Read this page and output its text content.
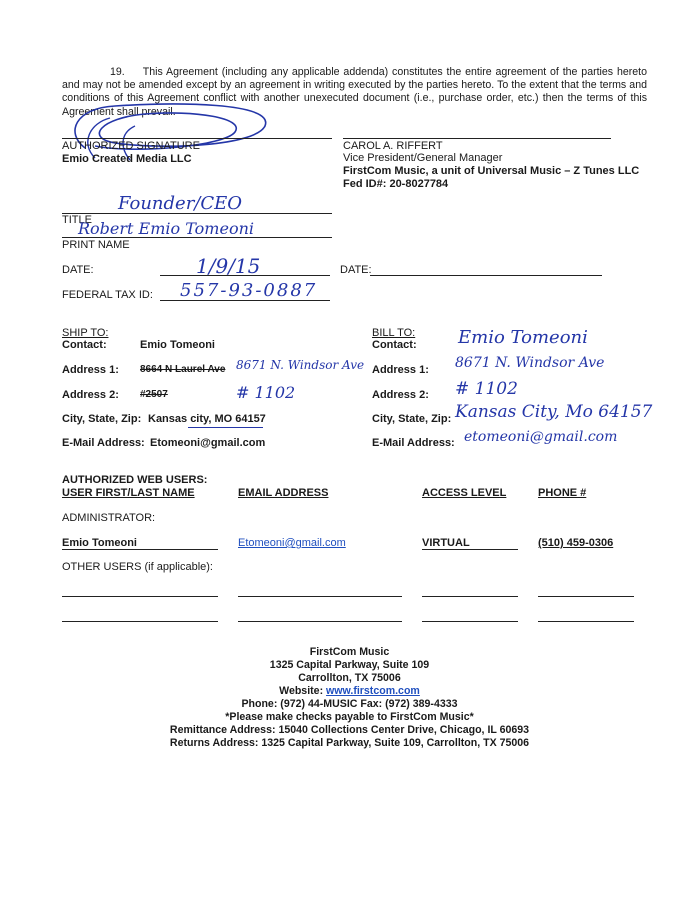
19. This Agreement (including any applicable addenda) constitutes the entire agreement of the parties hereto and may not be amended except by an agreement in writing executed by the parties hereto. To the extent that the terms and conditions of this Agreement conflict with another unexecuted document (i.e., purchase order, etc.) then the terms of this Agreement shall prevail.
AUTHORIZED SIGNATURE
Emio Created Media LLC
CAROL A. RIFFERT
Vice President/General Manager
FirstCom Music, a unit of Universal Music – Z Tunes LLC
Fed ID#: 20-8027784
Founder/CEO
TITLE
Robert Emio Tomeoni
PRINT NAME
DATE:	1/9/15	DATE:
FEDERAL TAX ID: 557-93-0887
SHIP TO:
Contact:	Emio Tomeoni
Address 1: 8664 N Laurel Ave 8671 N. Windsor Ave
Address 2: #2507	# 1102
City, State, Zip: Kansas city, MO 64157
E-Mail Address: Etomeoni@gmail.com
BILL TO:
Contact: Emio Tomeoni
Address 1: 8671 N. Windsor Ave
Address 2: # 1102
City, State, Zip: Kansas City, Mo 64157
E-Mail Address: etomeoni@gmail.com
AUTHORIZED WEB USERS:
USER FIRST/LAST NAME	EMAIL ADDRESS	ACCESS LEVEL	PHONE #
ADMINISTRATOR:
Emio Tomeoni	Etomeoni@gmail.com	VIRTUAL	(510) 459-0306
OTHER USERS (if applicable):
FirstCom Music
1325 Capital Parkway, Suite 109
Carrollton, TX 75006
Website: www.firstcom.com
Phone: (972) 44-MUSIC Fax: (972) 389-4333
*Please make checks payable to FirstCom Music*
Remittance Address: 15040 Collections Center Drive, Chicago, IL 60693
Returns Address: 1325 Capital Parkway, Suite 109, Carrollton, TX 75006
